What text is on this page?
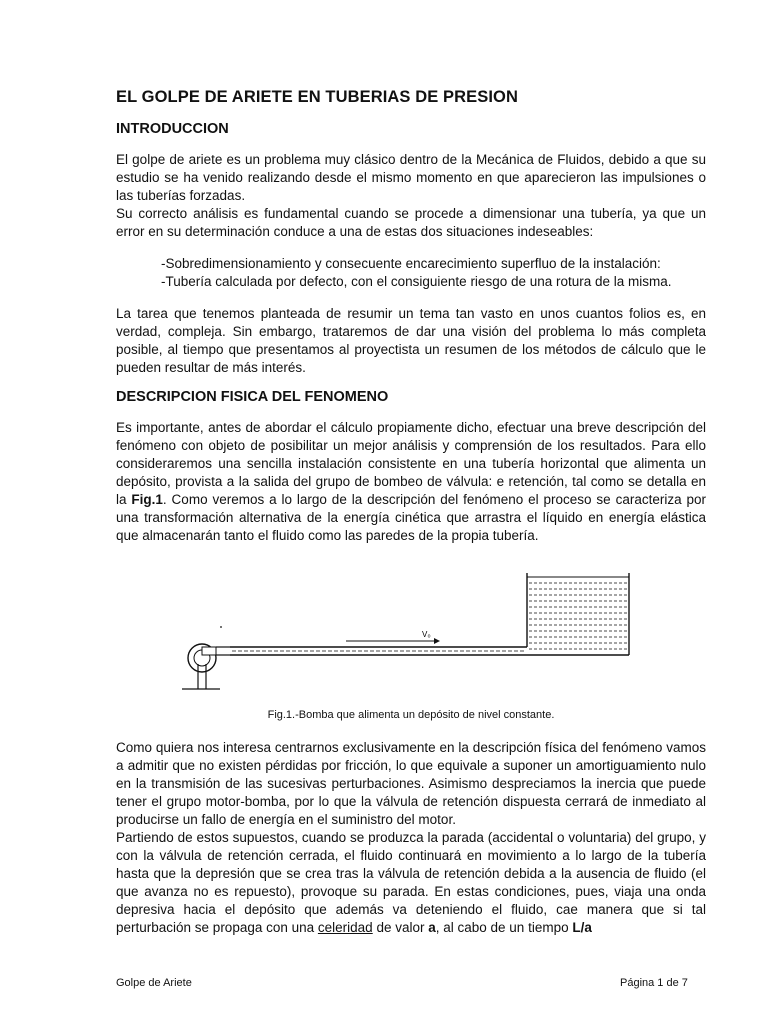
EL GOLPE DE ARIETE EN TUBERIAS DE PRESION
INTRODUCCION

El golpe de ariete es un problema muy clásico dentro de la Mecánica de Fluidos, debido a que su estudio se ha venido realizando desde el mismo momento en que aparecieron las impulsiones o las tuberías forzadas.

Su correcto análisis es fundamental cuando se procede a dimensionar una tubería, ya que un error en su determinación conduce a una de estas dos situaciones indeseables:

-Sobredimensionamiento y consecuente encarecimiento superfluo de la instalación:

-Tubería calculada por defecto, con el consiguiente riesgo de una rotura de la misma.

La tarea que tenemos planteada de resumir un tema tan vasto en unos cuantos folios es, en verdad, compleja. Sin embargo, trataremos de dar una visión del problema lo más completa posible, al tiempo que presentamos al proyectista un resumen de los métodos de cálculo que le pueden resultar de más interés.

DESCRIPCION FISICA DEL FENOMENO

Es importante, antes de abordar el cálculo propiamente dicho, efectuar una breve descripción del fenómeno con objeto de posibilitar un mejor análisis y comprensión de los resultados. Para ello consideraremos una sencilla instalación consistente en una tubería horizontal que alimenta un depósito, provista a la salida del grupo de bombeo de válvula: e retención, tal como se detalla en la Fig.1. Como veremos a lo largo de la descripción del fenómeno el proceso se caracteriza por una transformación alternativa de la energía cinética que arrastra el líquido en energía elástica que almacenarán tanto el fluido como las paredes de la propia tubería.

V₀
Fig.1.-Bomba que alimenta un depósito de nivel constante.

Como quiera nos interesa centrarnos exclusivamente en la descripción física del fenómeno vamos a admitir que no existen pérdidas por fricción, lo que equivale a suponer un amortiguamiento nulo en la transmisión de las sucesivas perturbaciones. Asimismo despreciamos la inercia que puede tener el grupo motor-bomba, por lo que la válvula de retención dispuesta cerrará de inmediato al producirse un fallo de energía en el suministro del motor.

Partiendo de estos supuestos, cuando se produzca la parada (accidental o voluntaria) del grupo, y con la válvula de retención cerrada, el fluido continuará en movimiento a lo largo de la tubería hasta que la depresión que se crea tras la válvula de retención debida a la ausencia de fluido (el que avanza no es repuesto), provoque su parada. En estas condiciones, pues, viaja una onda depresiva hacia el depósito que además va deteniendo el fluido, cae manera que si tal perturbación se propaga con una celeridad de valor a, al cabo de un tiempo L/a

Golpe de Ariete	Página 1 de 7
